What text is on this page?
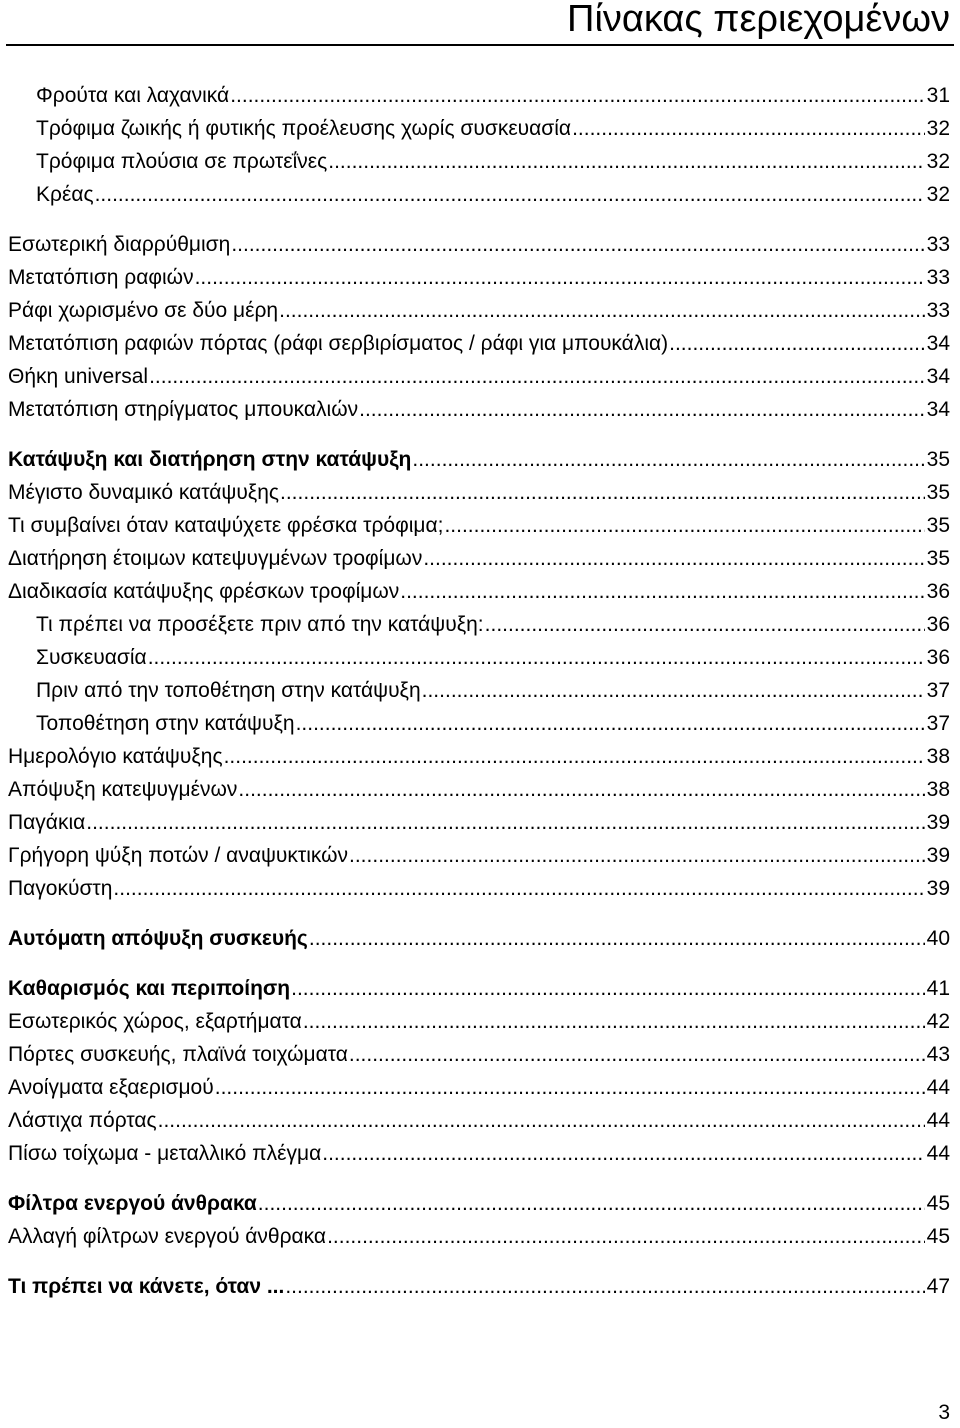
Πίνακας περιεχομένων
Φρούτα και λαχανικά .....	31
Τρόφιμα ζωικής ή φυτικής προέλευσης χωρίς συσκευασία .....	32
Τρόφιμα πλούσια σε πρωτεΐνες .....	32
Κρέας .....	32
Εσωτερική διαρρύθμιση .....	33
Μετατόπιση ραφιών .....	33
Ράφι χωρισμένο σε δύο μέρη .....	33
Μετατόπιση ραφιών πόρτας (ράφι σερβιρίσματος / ράφι για μπουκάλια) .....	34
Θήκη universal .....	34
Μετατόπιση στηρίγματος μπουκαλιών .....	34
Κατάψυξη και διατήρηση στην κατάψυξη .....	35
Μέγιστο δυναμικό κατάψυξης .....	35
Τι συμβαίνει όταν καταψύχετε φρέσκα τρόφιμα; .....	35
Διατήρηση έτοιμων κατεψυγμένων τροφίμων .....	35
Διαδικασία κατάψυξης φρέσκων τροφίμων .....	36
Τι πρέπει να προσέξετε πριν από την κατάψυξη: .....	36
Συσκευασία .....	36
Πριν από την τοποθέτηση στην κατάψυξη .....	37
Τοποθέτηση στην κατάψυξη .....	37
Ημερολόγιο κατάψυξης .....	38
Απόψυξη κατεψυγμένων .....	38
Παγάκια .....	39
Γρήγορη ψύξη ποτών / αναψυκτικών .....	39
Παγοκύστη .....	39
Αυτόματη απόψυξη συσκευής .....	40
Καθαρισμός και περιποίηση .....	41
Εσωτερικός χώρος, εξαρτήματα .....	42
Πόρτες συσκευής, πλαϊνά τοιχώματα .....	43
Ανοίγματα εξαερισμού .....	44
Λάστιχα πόρτας .....	44
Πίσω τοίχωμα - μεταλλικό πλέγμα .....	44
Φίλτρα ενεργού άνθρακα .....	45
Αλλαγή φίλτρων ενεργού άνθρακα .....	45
Τι πρέπει να κάνετε, όταν ... .....	47
3
